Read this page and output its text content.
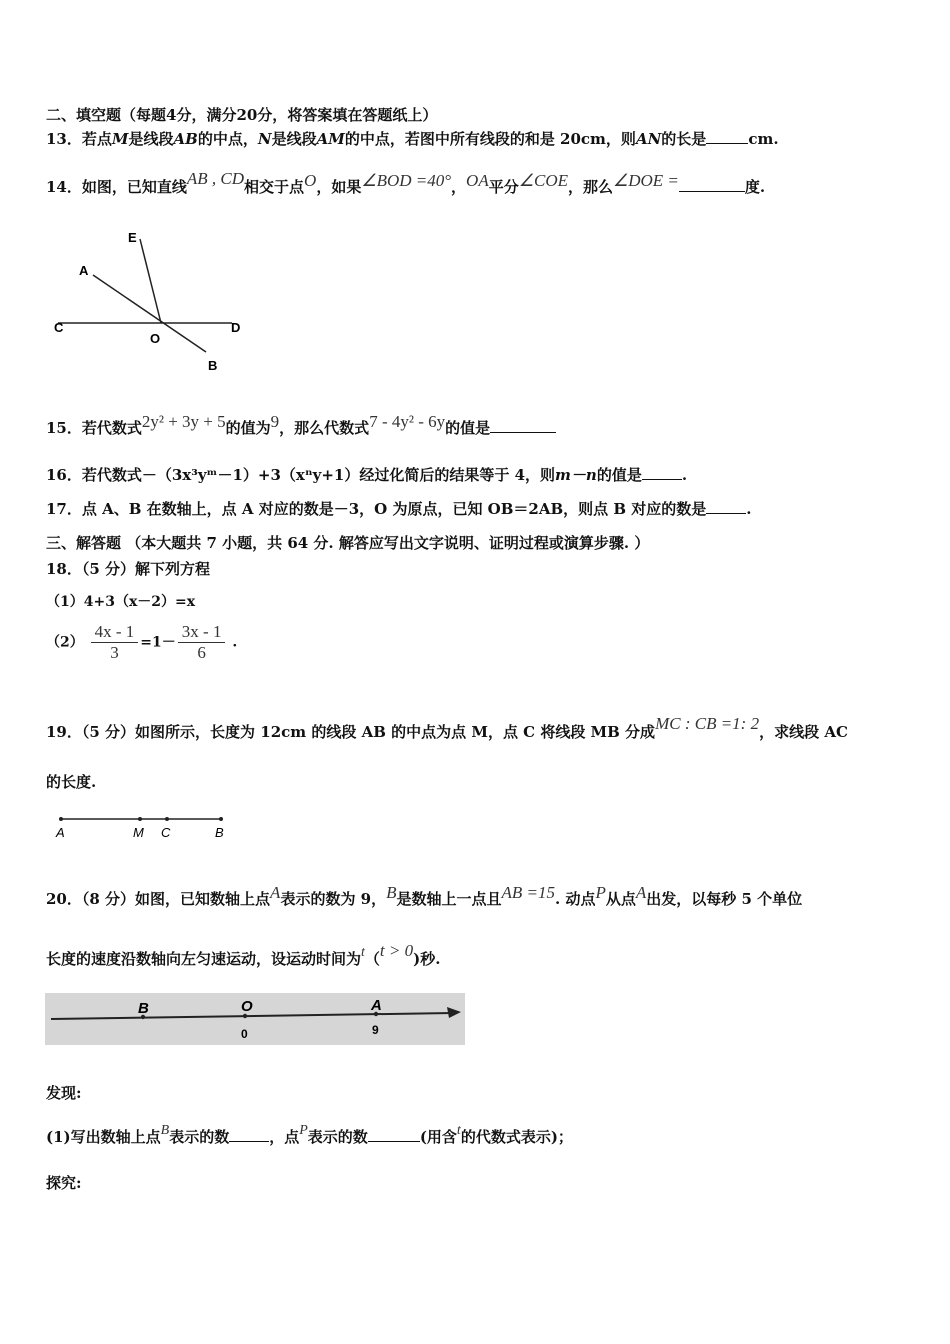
二、填空题（每题4分，满分20分，将答案填在答题纸上）
13．若点M是线段AB的中点，N是线段AM的中点，若图中所有线段的和是 20cm，则AN的长是	cm.
14．如图，已知直线AB , CD相交于点O，如果∠BOD =40°，OA平分∠COE，那么∠DOE =	度.
E
A
C
O
D
B
15．若代数式2y² + 3y + 5的值为9，那么代数式7 - 4y² - 6y的值是
16．若代数式－（3x³yᵐ－1）+3（xⁿy+1）经过化简后的结果等于 4，则m－n的值是	.
17．点 A、B 在数轴上，点 A 对应的数是－3，O 为原点，已知 OB＝2AB，则点 B 对应的数是	.
三、解答题 （本大题共 7 小题，共 64 分. 解答应写出文字说明、证明过程或演算步骤. ）
18．（5 分）解下列方程
（1）4+3（x－2）=x
$(2) \frac{4x - 1}{3} =1- \frac{3x - 1}{6}$ .
19．（5 分）如图所示，长度为 12cm 的线段 AB 的中点为点 M，点 C 将线段 MB 分成MC : CB =1: 2，求线段 AC
的长度.
A	M C	B
20．（8 分）如图，已知数轴上点A表示的数为 9，B是数轴上一点且AB =15. 动点P从点A出发，以每秒 5 个单位
长度的速度沿数轴向左匀速运动，设运动时间为t（t > 0)秒.
B	O	A
0	9
发现:
(1)写出数轴上点B表示的数	，点P表示的数	(用含t的代数式表示)；
探究:
